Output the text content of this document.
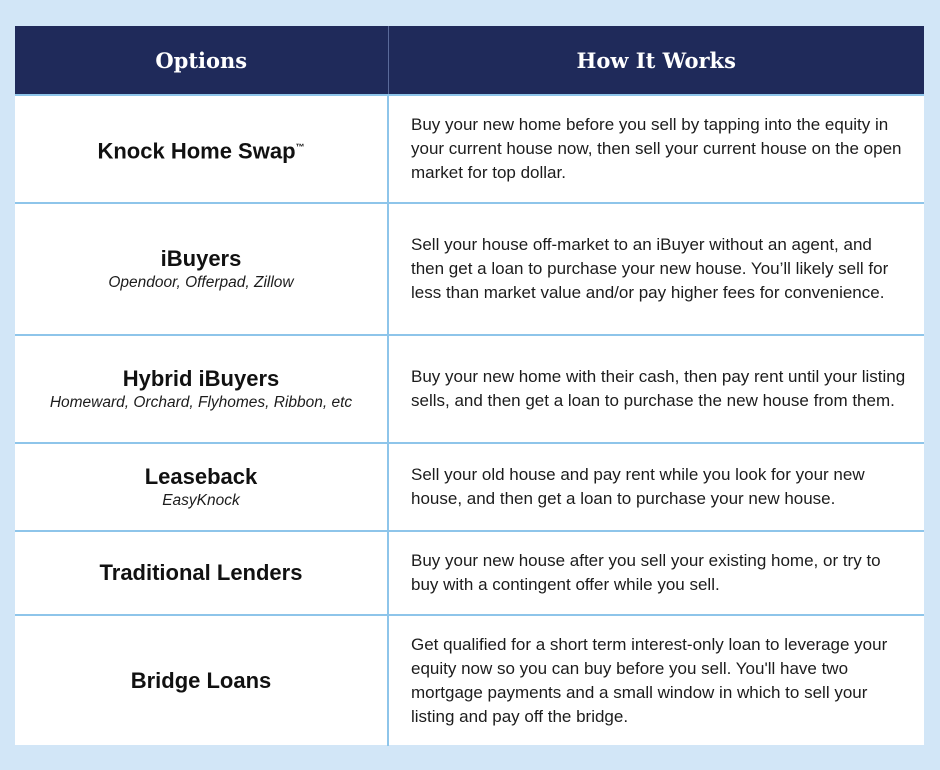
Options	How It Works

Knock Home Swap™	Buy your new home before you sell by tapping into the equity in your current house now, then sell your current house on the open market for top dollar.

iBuyers
Opendoor, Offerpad, Zillow	Sell your house off-market to an iBuyer without an agent, and then get a loan to purchase your new house. You’ll likely sell for less than market value and/or pay higher fees for convenience.

Hybrid iBuyers
Homeward, Orchard, Flyhomes, Ribbon, etc	Buy your new home with their cash, then pay rent until your listing sells, and then get a loan to purchase the new house from them.

Leaseback
EasyKnock	Sell your old house and pay rent while you look for your new house, and then get a loan to purchase your new house.

Traditional Lenders	Buy your new house after you sell your existing home, or try to buy with a contingent offer while you sell.

Bridge Loans	Get qualified for a short term interest-only loan to leverage your equity now so you can buy before you sell. You'll have two mortgage payments and a small window in which to sell your listing and pay off the bridge.
